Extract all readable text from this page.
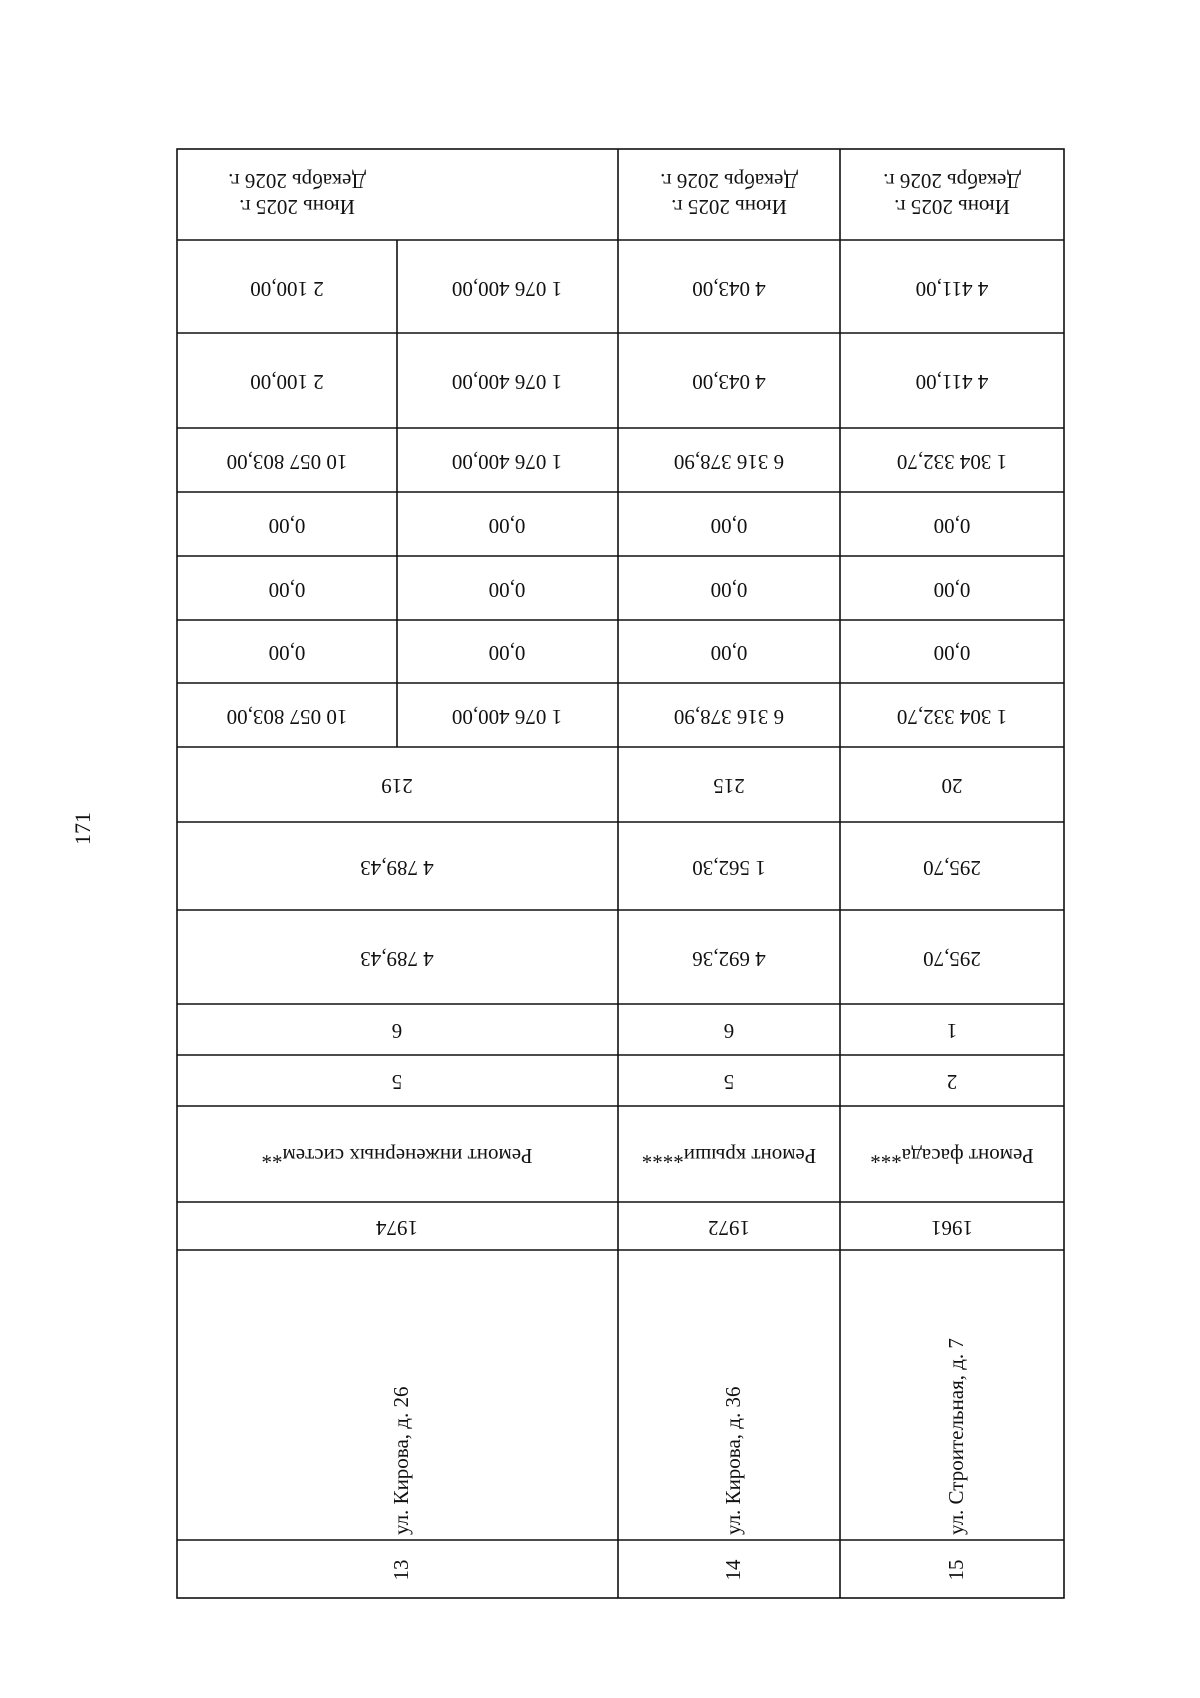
171
Июнь 2025 г.
Декабрь 2026 г.
1 076 400,00
2 100,00
1 076 400,00
2 100,00
1 076 400,00
10 057 803,00
0,00
0,00
0,00
0,00
0,00
0,00
1 076 400,00
10 057 803,00
219
4 789,43
4 789,43
6
5
Ремонт инженерных систем**
1974
ул. Кирова, д. 26
13
Июнь 2025 г.
Декабрь 2026 г.
4 043,00
4 043,00
6 316 378,90
0,00
0,00
0,00
6 316 378,90
215
1 562,30
4 692,36
6
5
Ремонт крыши****
1972
ул. Кирова, д. 36
14
Июнь 2025 г.
Декабрь 2026 г.
4 411,00
4 411,00
1 304 332,70
0,00
0,00
0,00
1 304 332,70
20
295,70
295,70
1
2
Ремонт фасада***
1961
ул. Строительная, д. 7
15
